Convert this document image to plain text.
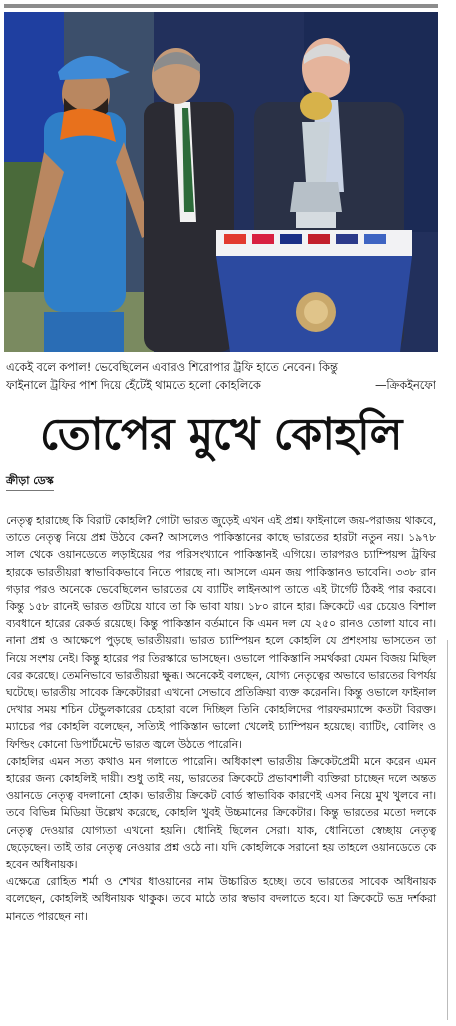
একেই বলে কপাল! ভেবেছিলেন এবারও শিরোপার ট্রফি হাতে নেবেন। কিন্তু
ফাইনালে ট্রফির পাশ দিয়ে হেঁটেই থামতে হলো কোহলিকে	—ক্রিকইনফো
তোপের মুখে কোহলি
ক্রীড়া ডেস্ক

নেতৃত্ব হারাচ্ছে কি বিরাট কোহলি? গোটা ভারত জুড়েই এখন এই প্রশ্ন। ফাইনালে জয়-পরাজয় থাকবে, তাতে নেতৃত্ব নিয়ে প্রশ্ন উঠবে কেন? আসলেও পাকিস্তানের কাছে ভারতের হারটা নতুন নয়। ১৯৭৮ সাল থেকে ওয়ানডেতে লড়াইয়ের পর পরিসংখ্যানে পাকিস্তানই এগিয়ে। তারপরও চ্যাম্পিয়ন্স ট্রফির হারকে ভারতীয়রা স্বাভাবিকভাবে নিতে পারছে না। আসলে এমন জয় পাকিস্তানও ভাবেনি। ৩৩৮ রান গড়ার পরও অনেকে ভেবেছিলেন ভারতের যে ব্যাটিং লাইনআপ তাতে এই টার্গেট ঠিকই পার করবে। কিন্তু ১৫৮ রানেই ভারত গুটিয়ে যাবে তা কি ভাবা যায়। ১৮০ রানে হার। ক্রিকেটে এর চেয়েও বিশাল ব্যবধানে হারের রেকর্ড রয়েছে। কিন্তু পাকিস্তান বর্তমানে কি এমন দল যে ২৫০ রানও তোলা যাবে না। নানা প্রশ্ন ও আক্ষেপে পুড়ছে ভারতীয়রা। ভারত চ্যাম্পিয়ন হলে কোহলি যে প্রশংসায় ভাসতেন তা নিয়ে সংশয় নেই। কিন্তু হারের পর তিরস্কারে ভাসছেন। ওভালে পাকিস্তানি সমর্থকরা যেমন বিজয় মিছিল বের করেছে। তেমনিভাবে ভারতীয়রা ক্ষুব্ধ। অনেকেই বলছেন, যোগ্য নেতৃত্বের অভাবে ভারতের বিপর্যয় ঘটেছে। ভারতীয় সাবেক ক্রিকেটাররা এখনো সেভাবে প্রতিক্রিয়া ব্যক্ত করেননি। কিন্তু ওভালে ফাইনাল দেখার সময় শচিন টেন্ডুলকারের চেহারা বলে দিচ্ছিল তিনি কোহলিদের পারফরম্যান্সে কতটা বিরক্ত। ম্যাচের পর কোহলি বলেছেন, সত্যিই পাকিস্তান ভালো খেলেই চ্যাম্পিয়ন হয়েছে। ব্যাটিং, বোলিং ও ফিল্ডিং কোনো ডিপার্টমেন্টে ভারত জ্বলে উঠতে পারেনি।

কোহলির এমন সত্য কথাও মন গলাতে পারেনি। অধিকাংশ ভারতীয় ক্রিকেটপ্রেমী মনে করেন এমন হারের জন্য কোহলিই দায়ী। শুধু তাই নয়, ভারতের ক্রিকেটে প্রভাবশালী ব্যক্তিরা চাচ্ছেন দলে অন্তত ওয়ানডে নেতৃত্ব বদলানো হোক। ভারতীয় ক্রিকেট বোর্ড স্বাভাবিক কারণেই এসব নিয়ে মুখ খুলবে না। তবে বিভিন্ন মিডিয়া উল্লেখ করেছে, কোহলি খুবই উচ্চমানের ক্রিকেটার। কিন্তু ভারতের মতো দলকে নেতৃত্ব দেওয়ার যোগ্যতা এখনো হয়নি। ধোনিই ছিলেন সেরা। যাক, ধোনিতো স্বেচ্ছায় নেতৃত্ব ছেড়েছেন। তাই তার নেতৃত্ব নেওয়ার প্রশ্ন ওঠে না। যদি কোহলিকে সরানো হয় তাহলে ওয়ানডেতে কে হবেন অধিনায়ক।

এক্ষেত্রে রোহিত শর্মা ও শেখর ধাওয়ানের নাম উচ্চারিত হচ্ছে। তবে ভারতের সাবেক অধিনায়ক বলেছেন, কোহলিই অধিনায়ক থাকুক। তবে মাঠে তার স্বভাব বদলাতে হবে। যা ক্রিকেটে ভদ্র দর্শকরা মানতে পারছেন না।
